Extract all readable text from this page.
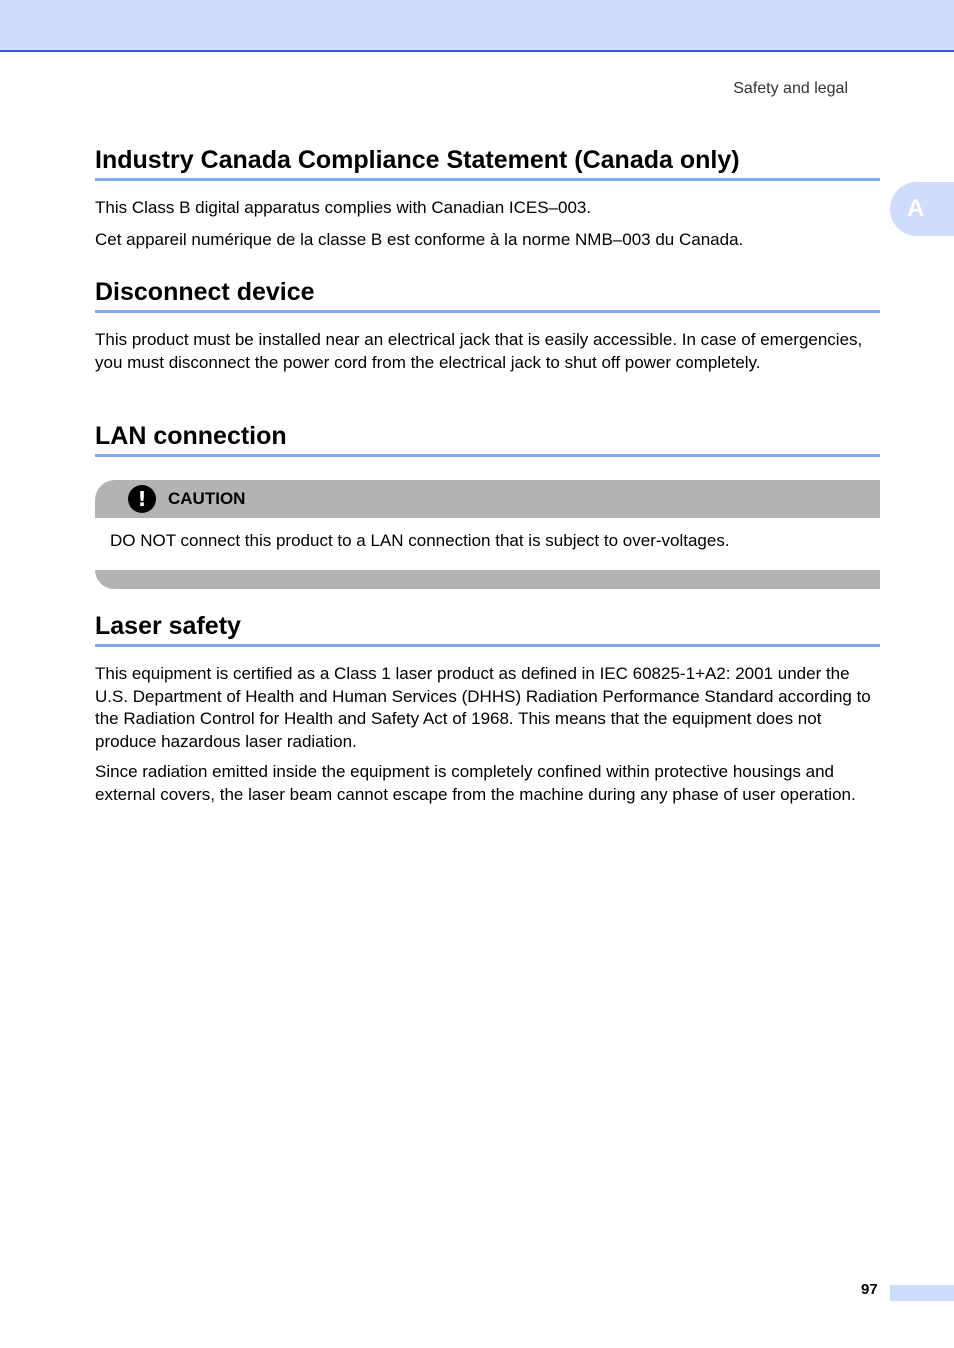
Safety and legal
A
Industry Canada Compliance Statement (Canada only)

This Class B digital apparatus complies with Canadian ICES–003.

Cet appareil numérique de la classe B est conforme à la norme NMB–003 du Canada.

Disconnect device

This product must be installed near an electrical jack that is easily accessible. In case of emergencies, you must disconnect the power cord from the electrical jack to shut off power completely.

LAN connection
!	CAUTION
DO NOT connect this product to a LAN connection that is subject to over-voltages.
Laser safety

This equipment is certified as a Class 1 laser product as defined in IEC 60825-1+A2: 2001 under the U.S. Department of Health and Human Services (DHHS) Radiation Performance Standard according to the Radiation Control for Health and Safety Act of 1968. This means that the equipment does not produce hazardous laser radiation.

Since radiation emitted inside the equipment is completely confined within protective housings and external covers, the laser beam cannot escape from the machine during any phase of user operation.

97
